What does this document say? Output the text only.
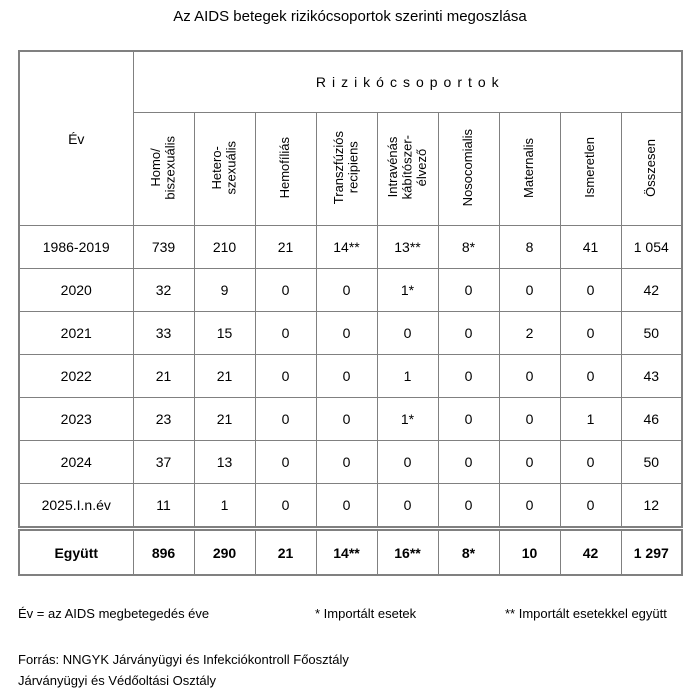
Az AIDS betegek rizikócsoportok szerinti megoszlása
Év	Rizikócsoportok								
	Homo/
biszexuális	Hetero-
szexuális	Hemofíliás	Transzfúziós
recipiens	Intravénás
kábítószer-
élvező	Nosocomialis	Maternalis	Ismeretlen	Összesen
1986-2019	739	210	21	14**	13**	8*	8	41	1 054
2020	32	9	0	0	1*	0	0	0	42
2021	33	15	0	0	0	0	2	0	50
2022	21	21	0	0	1	0	0	0	43
2023	23	21	0	0	1*	0	0	1	46
2024	37	13	0	0	0	0	0	0	50
2025.I.n.év	11	1	0	0	0	0	0	0	12
Együtt	896	290	21	14**	16**	8*	10	42	1 297
Év = az AIDS megbetegedés éve	* Importált esetek	** Importált esetekkel együtt
Forrás: NNGYK Járványügyi és Infekciókontroll Főosztály
Járványügyi és Védőoltási Osztály
